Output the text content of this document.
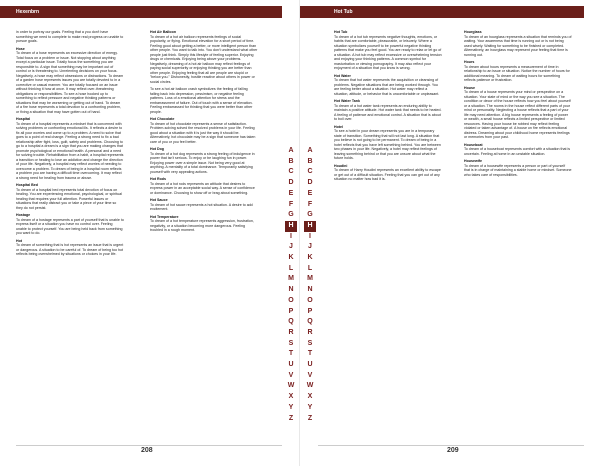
Hexenbrn

in order to portray our goals. Feeling that a you don't have something we need to complete to make real progress on unable to pursue goals.

Hose
To dream of a hose represents an excessive direction of energy. Total focus on a problem or issue. Not stopping about anything except a particular issue. Totally focus the something you are responsible to. A sign that something may be important out of control or is threatening to. Unrelenting decisions on your focus. Negatively, a hose may reflect obsessions or distractions. To dream of a garden hose represents issues you are totally devoted to in a corrective or casual manner. You are totally focused on an issue without thinking it how at once. It may reflect over-threatening obligations or responsibilities. To see a hose hooked up to something to reflect pressure and negative thinking patterns or situations that may be worsening or getting out of hand. To dream of a fire hose represents a total devotion to a confronting problem, or fixing a situation that may have gotten out of hand.

Hospital
To dream of a hospital represents a mindset that is concerned with solving problems or confronting emotional ills. It reflects a desire to fix all your worries and come up to a problem. A need to solve that goes to a point of real change. Feeling a strong need to fix a bad relationship after fight, loss, guilt, safety and problems. Choosing to go to a hospital a dream is a sign that you are making changes that promote psychological or emotional health. A personal and a need for solving trouble. Rehabilitation from a habit, a hospital represents a transition or healing to lose an addiction and change the direction of your life. Negatively, a hospital may reflect worries of needing to overcome a problem. To dream of being in a hospital room reflects a problem you are having a difficult time overcoming. It may reflect a strong need for healing from trauma or abuse.

Hospital Bed
To dream of a hospital bed represents total devotion of focus on healing. You are experiencing emotional, psychological, or spiritual healing that requires your full attention. Powerful issues or situations that really distract you or take a piece of your time so they do not persist.

Hostage
To dream of a hostage represents a part of yourself that is unable to express itself or a situation you have no control over. Feeling unable to protect yourself. You are being held back from something you want to do.

Hot
To dream of something that is hot represents an issue that is urgent or dangerous. A situation to be careful of. To dream of being too hot reflects being overwhelmed by situations or choices in your life.

Hot Air Balloon
To dream of a hot air balloon represents feelings of social popularity, or flying. Emotional elevation for a short period of time. Feeling good about getting a better, or more intelligent person than other people. You want to talk into. You don't understand what other people just think. Simply this lifestyle of feeling superior. Enjoying drugs or chemicals. Enjoying being above your problems. Negatively, dreaming of a hot air balloon may reflect feelings of paying social superiority or enjoying thinking you are better than other people. Enjoying feeling that all are people are stupid or "below you." Dishonestly, hostile reactive about others in power or social circles.

To see a hot air balloon crash symbolizes the feeling of falling failing back into depression, pessimism, or negative feeling patterns. Loss of a emotional attention for stress and the embarrassment of failure. Out of touch with a sense of elevation. Feeling embarrassed for thinking that you were better than other people.

Hot Chocolate
To dream of hot chocolate represents a sense of satisfaction. Problem-solving solved the resolved problems in your life. Feeling good about a situation with it is just the way it should be. Alternatively, hot chocolate may be a sign that someone has taken care of you or you feel better.

Hot Dog
To dream of a hot dog represents a strong feeling of indulgence in power that isn't serious. To enjoy or be laughing fun in power. Enjoying power over a simple issue. Not being very good at anything. A mentality of a total dominance. Temporarily satisfying yourself with very appealing actions.

Hot Rods
To dream of a hot rods represents an attitude that desires to express power in an acceptable social way. A sense of confidence or dominance. Choosing to show off or brag about something.

Hot Sauce
To dream of hot sauce represents a hot situation. A desire to add excitement.

Hot Temperature
To dream of a hot temperature represents aggression, frustration, negativity, or a situation becoming more dangerous. Feeling troubled in a rough moment.

A
B
C
D
E
F
G
H
I
J
K
L
M
N
O
P
Q
R
S
T
U
V
W
X
Y
Z
208
Hot Tub
A
B
C
D
E
F
G
H
I
J
K
L
M
N
O
P
Q
R
S
T
U
V
W
X
Y
Z

Hot Tub
To dream of a hot tub represents negative thoughts, emotions, or habits that are comfortable, pleasurable, or leisurely. Where a situation symbolizes yourself to be powerful negative thinking patterns that make you feel good. You are ready to relax or let go of a situation. A hot tub may reflect excessive or overwhelming tension and enjoying your thinking patterns. A common symbol for masturbation or viewing pornography. It may also reflect your enjoyment of a situation that you know is wrong.

Hot Water
To dream that hot water represents the acquisition or cleansing of problems. Negative situations that are being worked through. You are feeling better about a situation. Hot water may reflect a situation, attitude, or behavior that is uncomfortable or unpleasant.

Hot Water Tank
To dream of a hot water tank represents an enduring ability to maintain a positive attitude. Hot water tank that needs to be heated. A feeling of patience and emotional control. A situation that is about to boil over.

Hotel
To see a hotel in your dream represents you are in a temporary state of transition. Something that will not last long. A situation that you believe is not going to be permanent. To dream of being in a hotel reflects that you have left something behind. You are between two phases in your life. Negatively, a hotel may reflect feelings of leaving something behind or that you are unsure about what the future holds.

Houdini
To dream of Harry Houdini represents an excellent ability to escape or get out of a difficult situation. Feeling that you can get out of any situation no matter how bad it is.

Hourglass
To dream of an hourglass represents a situation that reminds you of waiting. Your awareness that time is running out or is not being used wisely. Waiting for something to be finished or completed. Alternatively, an hourglass may represent your feeling that time is running out.

Hours
To dream about hours represents a measurement of time in relationship to an issue or situation. Notice the number of hours for additional meaning. To dream of waiting hours for something reflects patience or frustration.

House
To dream of a house represents your mind or perspective on a situation. Your state of mind or the way you see a situation. The condition or decor of the house reflects how you feel about yourself or a situation. The rooms in the house reflect different parts of your mind or personality. Neglecting a house reflects that a part of your life may need attention. A big house represents a feeling of power or wealth, a small house reflects a limited perspective or limited resources. Having your house be robbed may reflect feeling violated or taken advantage of. A house on fire reflects emotional distress. Dreaming about your childhood home represents feelings or memories from your past.

Houseboat
To dream of a houseboat represents comfort with a situation that is uncertain. Feeling at home in an unstable situation.

Housewife
To dream of a housewife represents a person or part of yourself that is in charge of maintaining a stable home or mindset. Someone who takes care of responsibilities.

209
